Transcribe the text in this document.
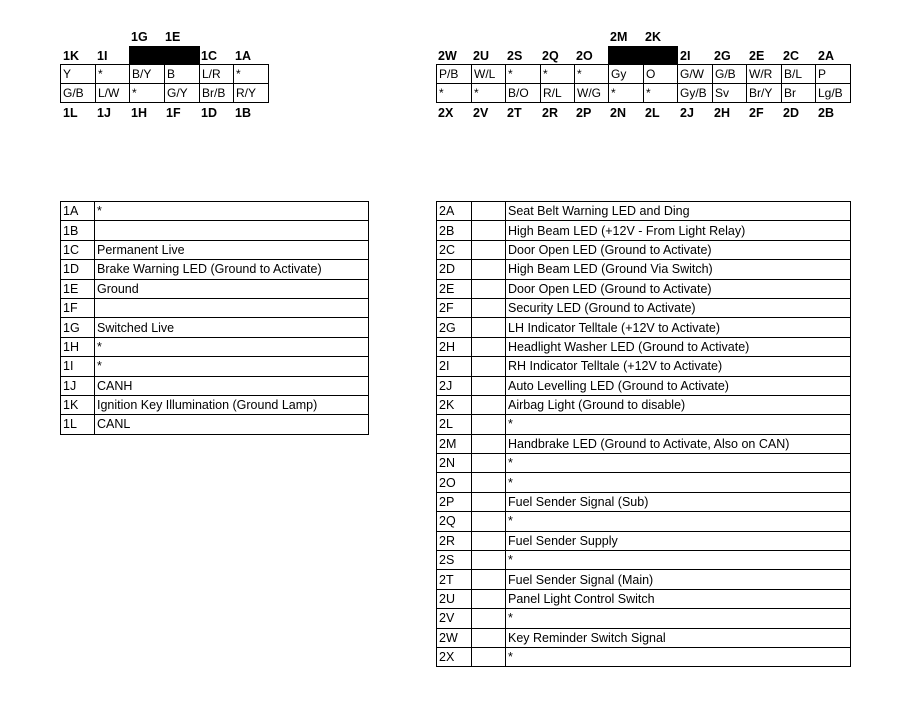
1G 1E
1K 1I	1C 1A

Y	*	B/Y	B	L/R	*
G/B	L/W	*	G/Y	Br/B	R/Y
1L 1J 1H 1F 1D 1B
2M 2K
2W 2U 2S 2Q 2O	2I 2G 2E 2C 2A

P/B	W/L	*	*	*	Gy	O	G/W	G/B	W/R	B/L	P
*	*	B/O	R/L	W/G	*	*	Gy/B	Sv	Br/Y	Br	Lg/B
2X 2V 2T 2R 2P 2N 2L 2J 2H 2F 2D 2B
1A	*
1B	
1C	Permanent Live
1D	Brake Warning LED (Ground to Activate)
1E	Ground
1F	
1G	Switched Live
1H	*
1I	*
1J	CANH
1K	Ignition Key Illumination (Ground Lamp)
1L	CANL
2A		Seat Belt Warning LED and Ding
2B		High Beam LED (+12V - From Light Relay)
2C		Door Open LED (Ground to Activate)
2D		High Beam LED (Ground Via Switch)
2E		Door Open LED (Ground to Activate)
2F		Security LED (Ground to Activate)
2G		LH Indicator Telltale (+12V to Activate)
2H		Headlight Washer LED (Ground to Activate)
2I		RH Indicator Telltale (+12V to Activate)
2J		Auto Levelling LED (Ground to Activate)
2K		Airbag Light (Ground to disable)
2L		*
2M		Handbrake LED (Ground to Activate, Also on CAN)
2N		*
2O		*
2P		Fuel Sender Signal (Sub)
2Q		*
2R		Fuel Sender Supply
2S		*
2T		Fuel Sender Signal (Main)
2U		Panel Light Control Switch
2V		*
2W		Key Reminder Switch Signal
2X		*
